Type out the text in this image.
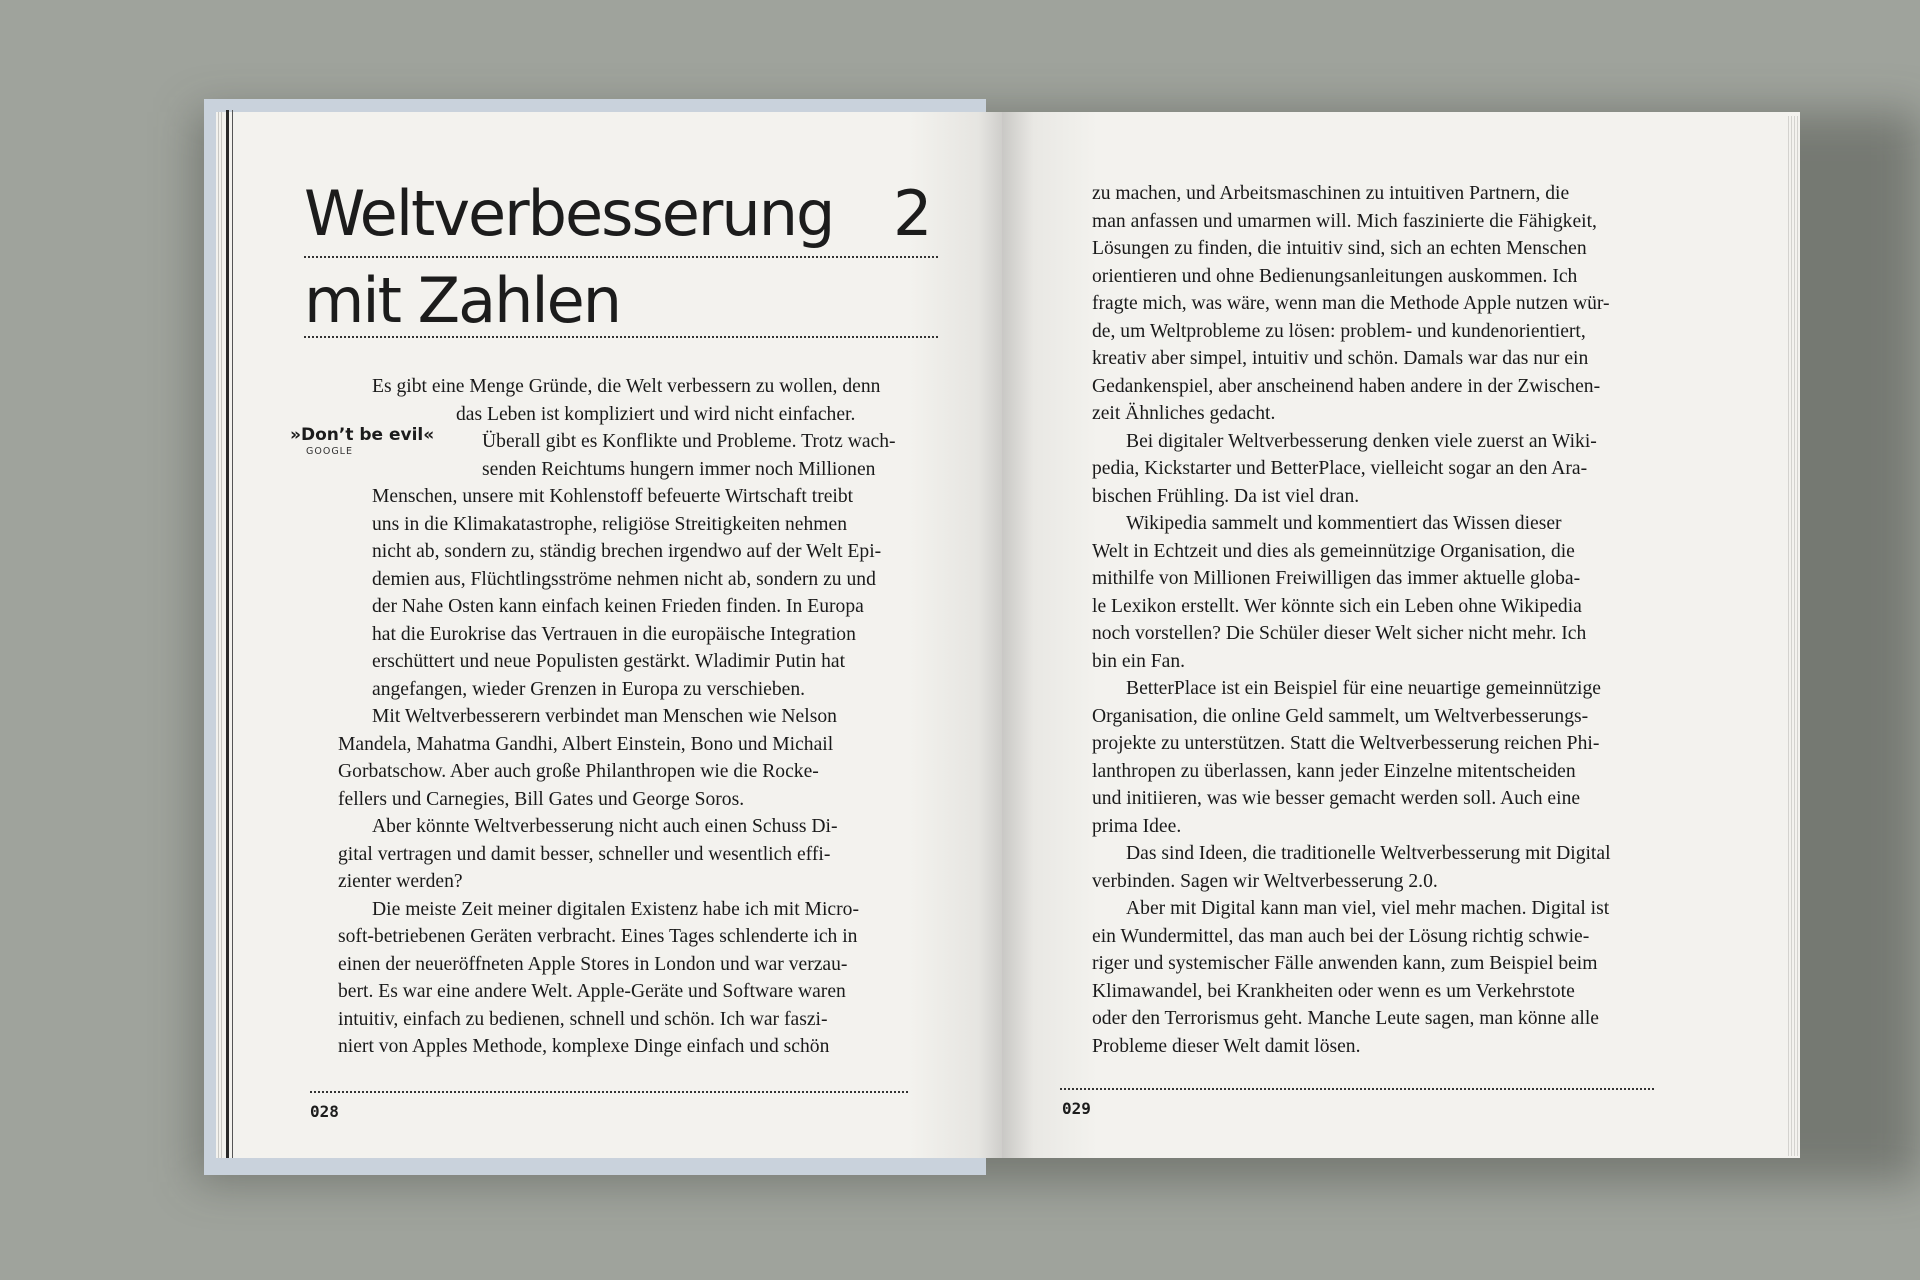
Weltverbesserung 2
mit Zahlen
»Don’t be evil«
GOOGLE

Es gibt eine Menge Gründe, die Welt verbessern zu wollen, denn
das Leben ist kompliziert und wird nicht einfacher.
Überall gibt es Konflikte und Probleme. Trotz wach-
senden Reichtums hungern immer noch Millionen
Menschen, unsere mit Kohlenstoff befeuerte Wirtschaft treibt
uns in die Klimakatastrophe, religiöse Streitigkeiten nehmen
nicht ab, sondern zu, ständig brechen irgendwo auf der Welt Epi-
demien aus, Flüchtlingsströme nehmen nicht ab, sondern zu und
der Nahe Osten kann einfach keinen Frieden finden. In Europa
hat die Eurokrise das Vertrauen in die europäische Integration
erschüttert und neue Populisten gestärkt. Wladimir Putin hat
angefangen, wieder Grenzen in Europa zu verschieben.

Mit Weltverbesserern verbindet man Menschen wie Nelson
Mandela, Mahatma Gandhi, Albert Einstein, Bono und Michail
Gorbatschow. Aber auch große Philanthropen wie die Rocke-
fellers und Carnegies, Bill Gates und George Soros.

Aber könnte Weltverbesserung nicht auch einen Schuss Di-
gital vertragen und damit besser, schneller und wesentlich effi-
zienter werden?

Die meiste Zeit meiner digitalen Existenz habe ich mit Micro-
soft-betriebenen Geräten verbracht. Eines Tages schlenderte ich in
einen der neueröffneten Apple Stores in London und war verzau-
bert. Es war eine andere Welt. Apple-Geräte und Software waren
intuitiv, einfach zu bedienen, schnell und schön. Ich war faszi-
niert von Apples Methode, komplexe Dinge einfach und schön

028

zu machen, und Arbeitsmaschinen zu intuitiven Partnern, die
man anfassen und umarmen will. Mich faszinierte die Fähigkeit,
Lösungen zu finden, die intuitiv sind, sich an echten Menschen
orientieren und ohne Bedienungsanleitungen auskommen. Ich
fragte mich, was wäre, wenn man die Methode Apple nutzen wür-
de, um Weltprobleme zu lösen: problem- und kundenorientiert,
kreativ aber simpel, intuitiv und schön. Damals war das nur ein
Gedankenspiel, aber anscheinend haben andere in der Zwischen-
zeit Ähnliches gedacht.

Bei digitaler Weltverbesserung denken viele zuerst an Wiki-
pedia, Kickstarter und BetterPlace, vielleicht sogar an den Ara-
bischen Frühling. Da ist viel dran.

Wikipedia sammelt und kommentiert das Wissen dieser
Welt in Echtzeit und dies als gemeinnützige Organisation, die
mithilfe von Millionen Freiwilligen das immer aktuelle globa-
le Lexikon erstellt. Wer könnte sich ein Leben ohne Wikipedia
noch vorstellen? Die Schüler dieser Welt sicher nicht mehr. Ich
bin ein Fan.

BetterPlace ist ein Beispiel für eine neuartige gemeinnützige
Organisation, die online Geld sammelt, um Weltverbesserungs-
projekte zu unterstützen. Statt die Weltverbesserung reichen Phi-
lanthropen zu überlassen, kann jeder Einzelne mitentscheiden
und initiieren, was wie besser gemacht werden soll. Auch eine
prima Idee.

Das sind Ideen, die traditionelle Weltverbesserung mit Digital
verbinden. Sagen wir Weltverbesserung 2.0.

Aber mit Digital kann man viel, viel mehr machen. Digital ist
ein Wundermittel, das man auch bei der Lösung richtig schwie-
riger und systemischer Fälle anwenden kann, zum Beispiel beim
Klimawandel, bei Krankheiten oder wenn es um Verkehrstote
oder den Terrorismus geht. Manche Leute sagen, man könne alle
Probleme dieser Welt damit lösen.

029
